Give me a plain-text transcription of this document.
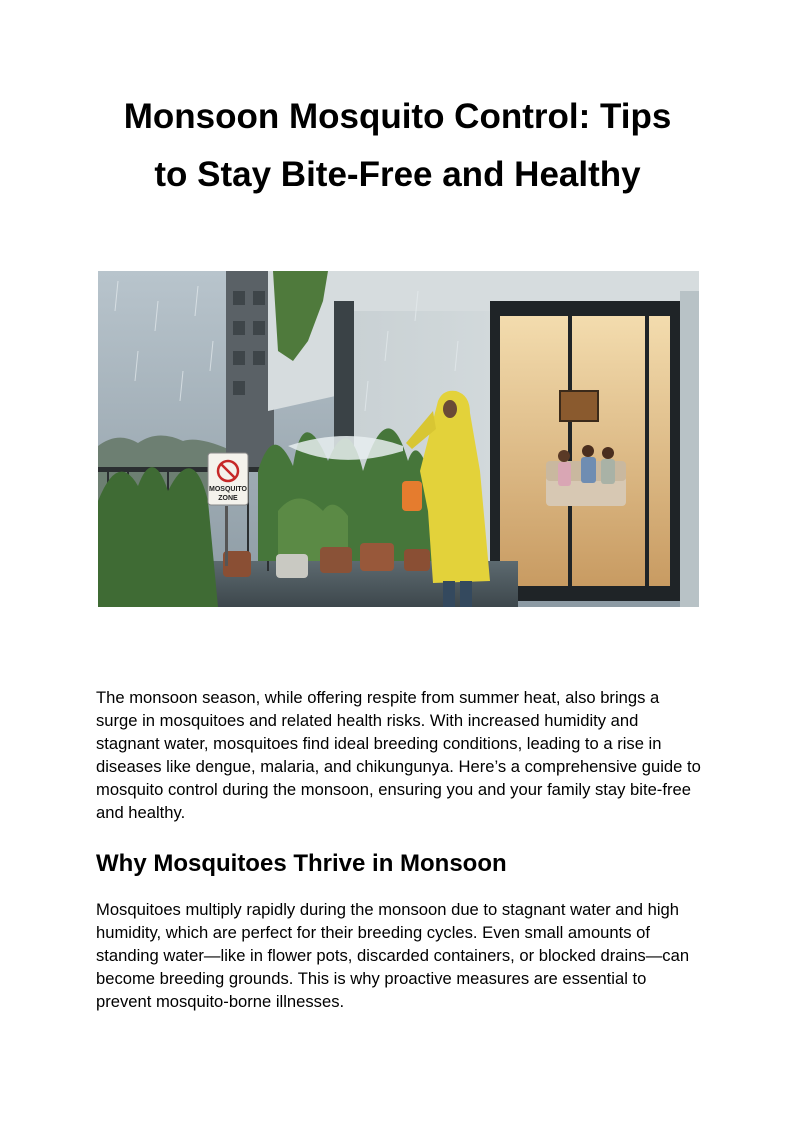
Monsoon Mosquito Control: Tips
to Stay Bite-Free and Healthy
MOSQUITO
ZONE

The monsoon season, while offering respite from summer heat, also brings a surge in mosquitoes and related health risks. With increased humidity and stagnant water, mosquitoes find ideal breeding conditions, leading to a rise in diseases like dengue, malaria, and chikungunya. Here’s a comprehensive guide to mosquito control during the monsoon, ensuring you and your family stay bite-free and healthy.

Why Mosquitoes Thrive in Monsoon

Mosquitoes multiply rapidly during the monsoon due to stagnant water and high humidity, which are perfect for their breeding cycles. Even small amounts of standing water—like in flower pots, discarded containers, or blocked drains—can become breeding grounds. This is why proactive measures are essential to prevent mosquito-borne illnesses.
